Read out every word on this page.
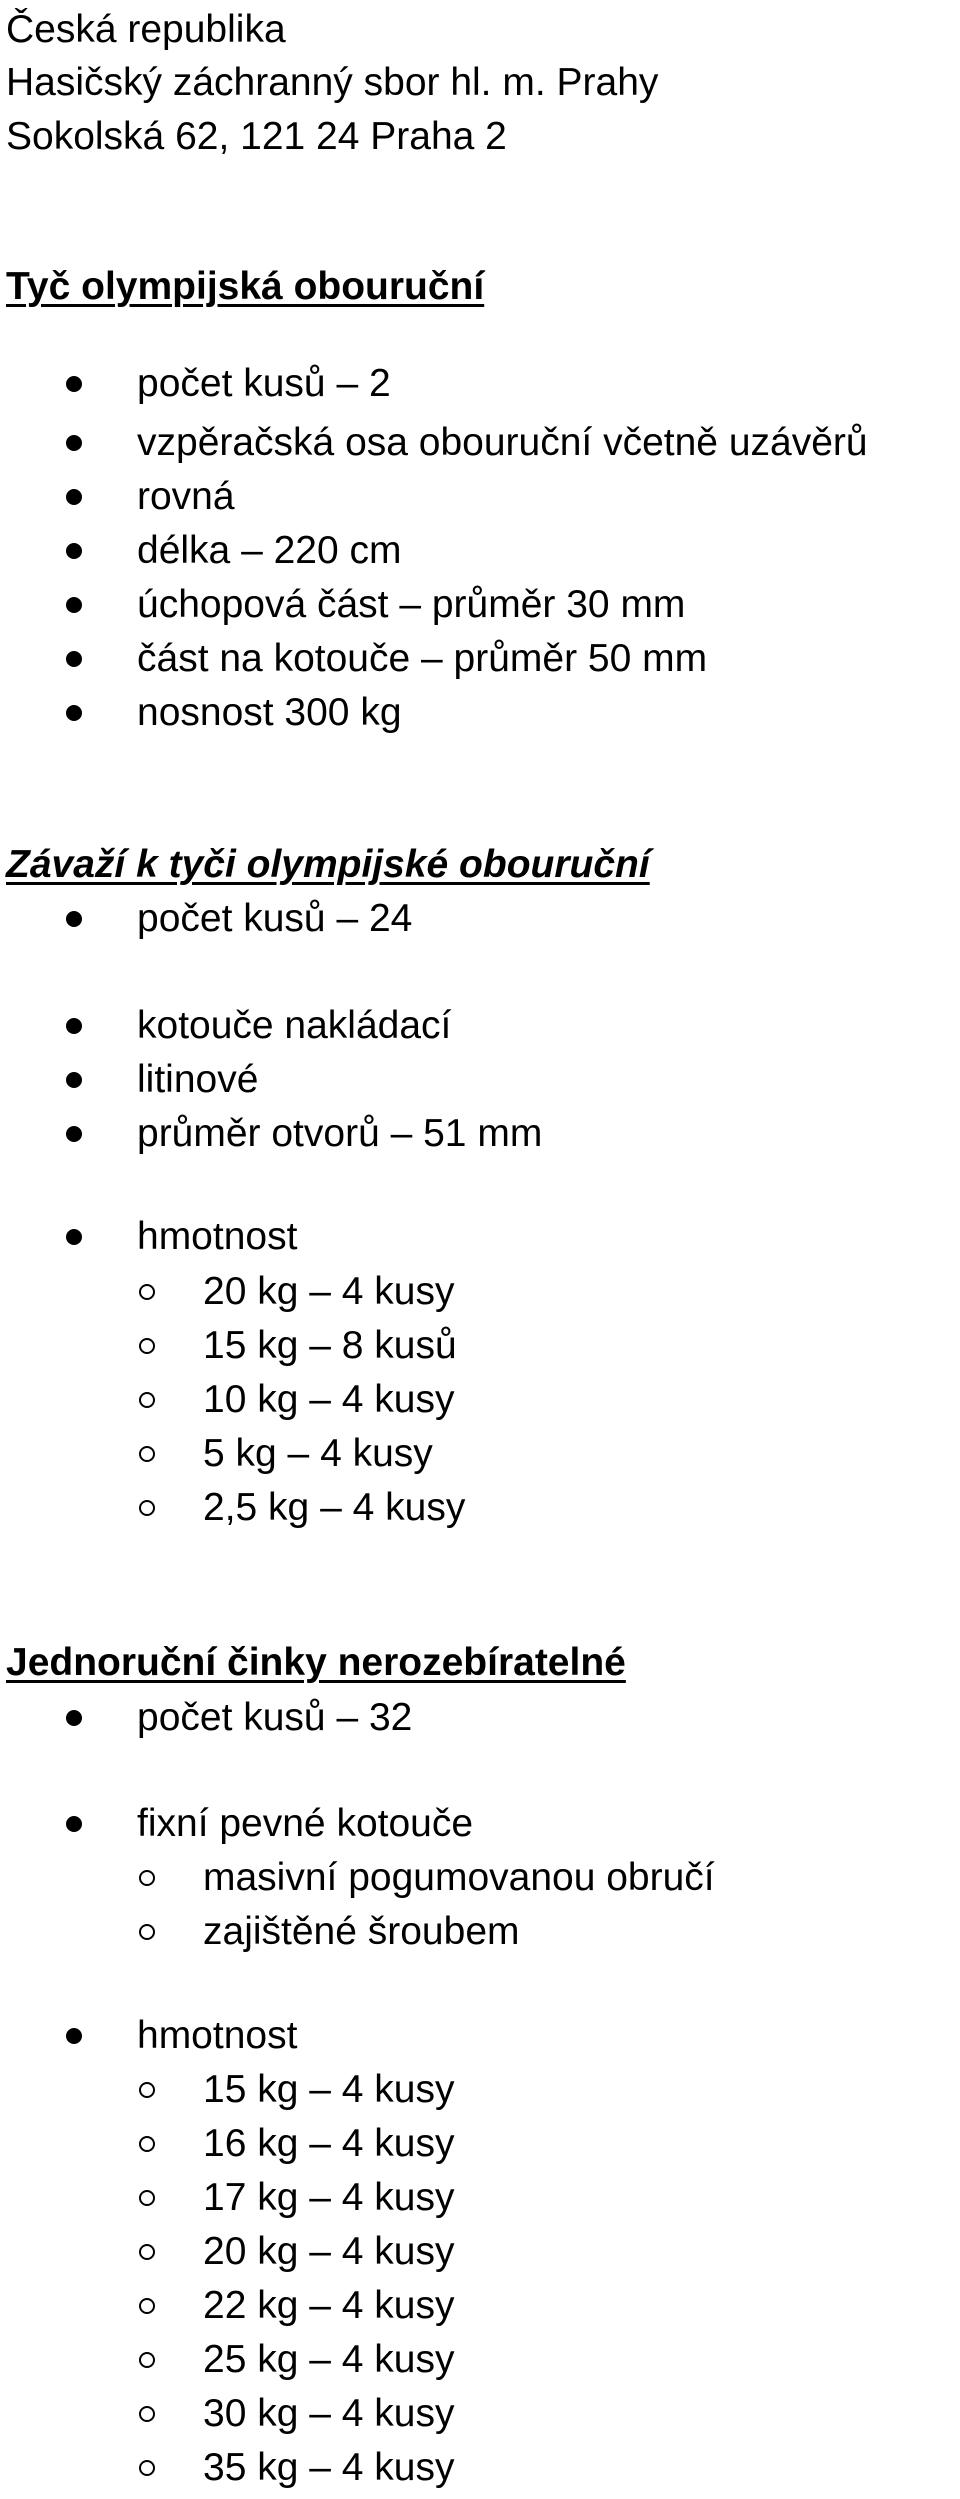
Česká republika
Hasičský záchranný sbor hl. m. Prahy
Sokolská 62, 121 24 Praha 2
Tyč olympijská obouruční
počet kusů – 2
vzpěračská osa obouruční včetně uzávěrů
rovná
délka – 220 cm
úchopová část – průměr 30 mm
část na kotouče – průměr 50 mm
nosnost 300 kg
Závaží k tyči olympijské obouruční
počet kusů – 24
kotouče nakládací
litinové
průměr otvorů – 51 mm
hmotnost
20 kg – 4 kusy
15 kg – 8 kusů
10 kg – 4 kusy
5 kg – 4 kusy
2,5 kg – 4 kusy
Jednoruční činky nerozebíratelné
počet kusů – 32
fixní pevné kotouče
masivní pogumovanou obručí
zajištěné šroubem
hmotnost
15 kg – 4 kusy
16 kg – 4 kusy
17 kg – 4 kusy
20 kg – 4 kusy
22 kg – 4 kusy
25 kg – 4 kusy
30 kg – 4 kusy
35 kg – 4 kusy
